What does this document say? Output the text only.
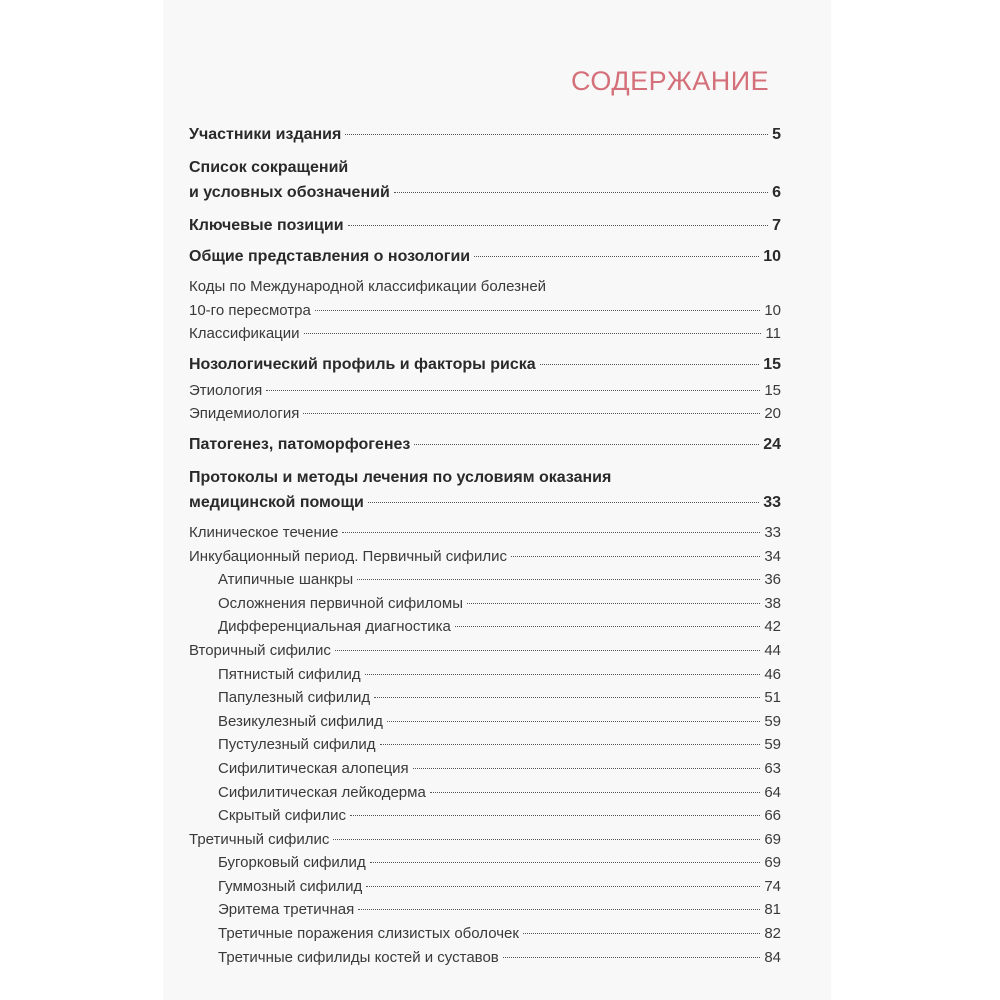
СОДЕРЖАНИЕ
Участники издания	5
Список сокращений
и условных обозначений	6
Ключевые позиции	7
Общие представления о нозологии	10
Коды по Международной классификации болезней
10-го пересмотра	10
Классификации	11
Нозологический профиль и факторы риска	15
Этиология	15
Эпидемиология	20
Патогенез, патоморфогенез	24
Протоколы и методы лечения по условиям оказания
медицинской помощи	33
Клиническое течение	33
Инкубационный период. Первичный сифилис	34
Атипичные шанкры	36
Осложнения первичной сифиломы	38
Дифференциальная диагностика	42
Вторичный сифилис	44
Пятнистый сифилид	46
Папулезный сифилид	51
Везикулезный сифилид	59
Пустулезный сифилид	59
Сифилитическая алопеция	63
Сифилитическая лейкодерма	64
Скрытый сифилис	66
Третичный сифилис	69
Бугорковый сифилид	69
Гуммозный сифилид	74
Эритема третичная	81
Третичные поражения слизистых оболочек	82
Третичные сифилиды костей и суставов	84
